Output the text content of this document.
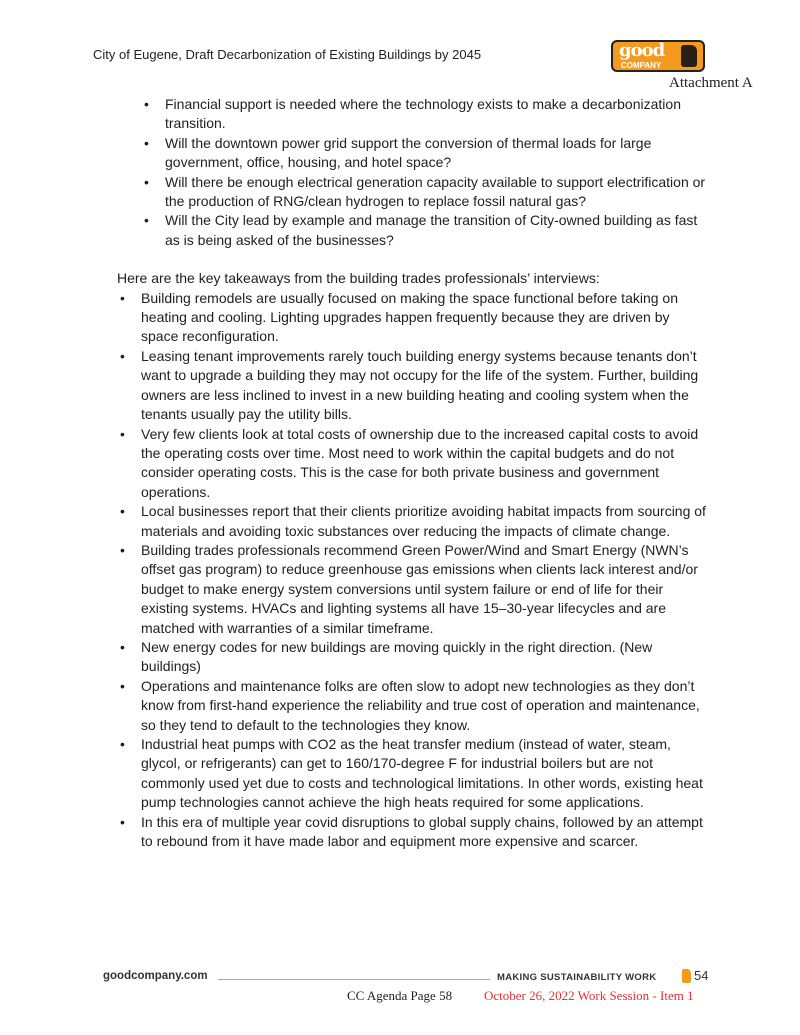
City of Eugene, Draft Decarbonization of Existing Buildings by 2045	good
COMPANY
Attachment A
• Financial support is needed where the technology exists to make a decarbonization transition.
• Will the downtown power grid support the conversion of thermal loads for large government, office, housing, and hotel space?
• Will there be enough electrical generation capacity available to support electrification or the production of RNG/clean hydrogen to replace fossil natural gas?
• Will the City lead by example and manage the transition of City-owned building as fast as is being asked of the businesses?
Here are the key takeaways from the building trades professionals’ interviews:
• Building remodels are usually focused on making the space functional before taking on heating and cooling. Lighting upgrades happen frequently because they are driven by space reconfiguration.
• Leasing tenant improvements rarely touch building energy systems because tenants don’t want to upgrade a building they may not occupy for the life of the system. Further, building owners are less inclined to invest in a new building heating and cooling system when the tenants usually pay the utility bills.
• Very few clients look at total costs of ownership due to the increased capital costs to avoid the operating costs over time. Most need to work within the capital budgets and do not consider operating costs. This is the case for both private business and government operations.
• Local businesses report that their clients prioritize avoiding habitat impacts from sourcing of materials and avoiding toxic substances over reducing the impacts of climate change.
• Building trades professionals recommend Green Power/Wind and Smart Energy (NWN’s offset gas program) to reduce greenhouse gas emissions when clients lack interest and/or budget to make energy system conversions until system failure or end of life for their existing systems. HVACs and lighting systems all have 15–30-year lifecycles and are matched with warranties of a similar timeframe.
• New energy codes for new buildings are moving quickly in the right direction. (New buildings)
• Operations and maintenance folks are often slow to adopt new technologies as they don’t know from first-hand experience the reliability and true cost of operation and maintenance, so they tend to default to the technologies they know.
• Industrial heat pumps with CO2 as the heat transfer medium (instead of water, steam, glycol, or refrigerants) can get to 160/170-degree F for industrial boilers but are not commonly used yet due to costs and technological limitations. In other words, existing heat pump technologies cannot achieve the high heats required for some applications.
• In this era of multiple year covid disruptions to global supply chains, followed by an attempt to rebound from it have made labor and equipment more expensive and scarcer.
goodcompany.com	MAKING SUSTAINABILITY WORK	54
CC Agenda Page 58 October 26, 2022 Work Session - Item 1
